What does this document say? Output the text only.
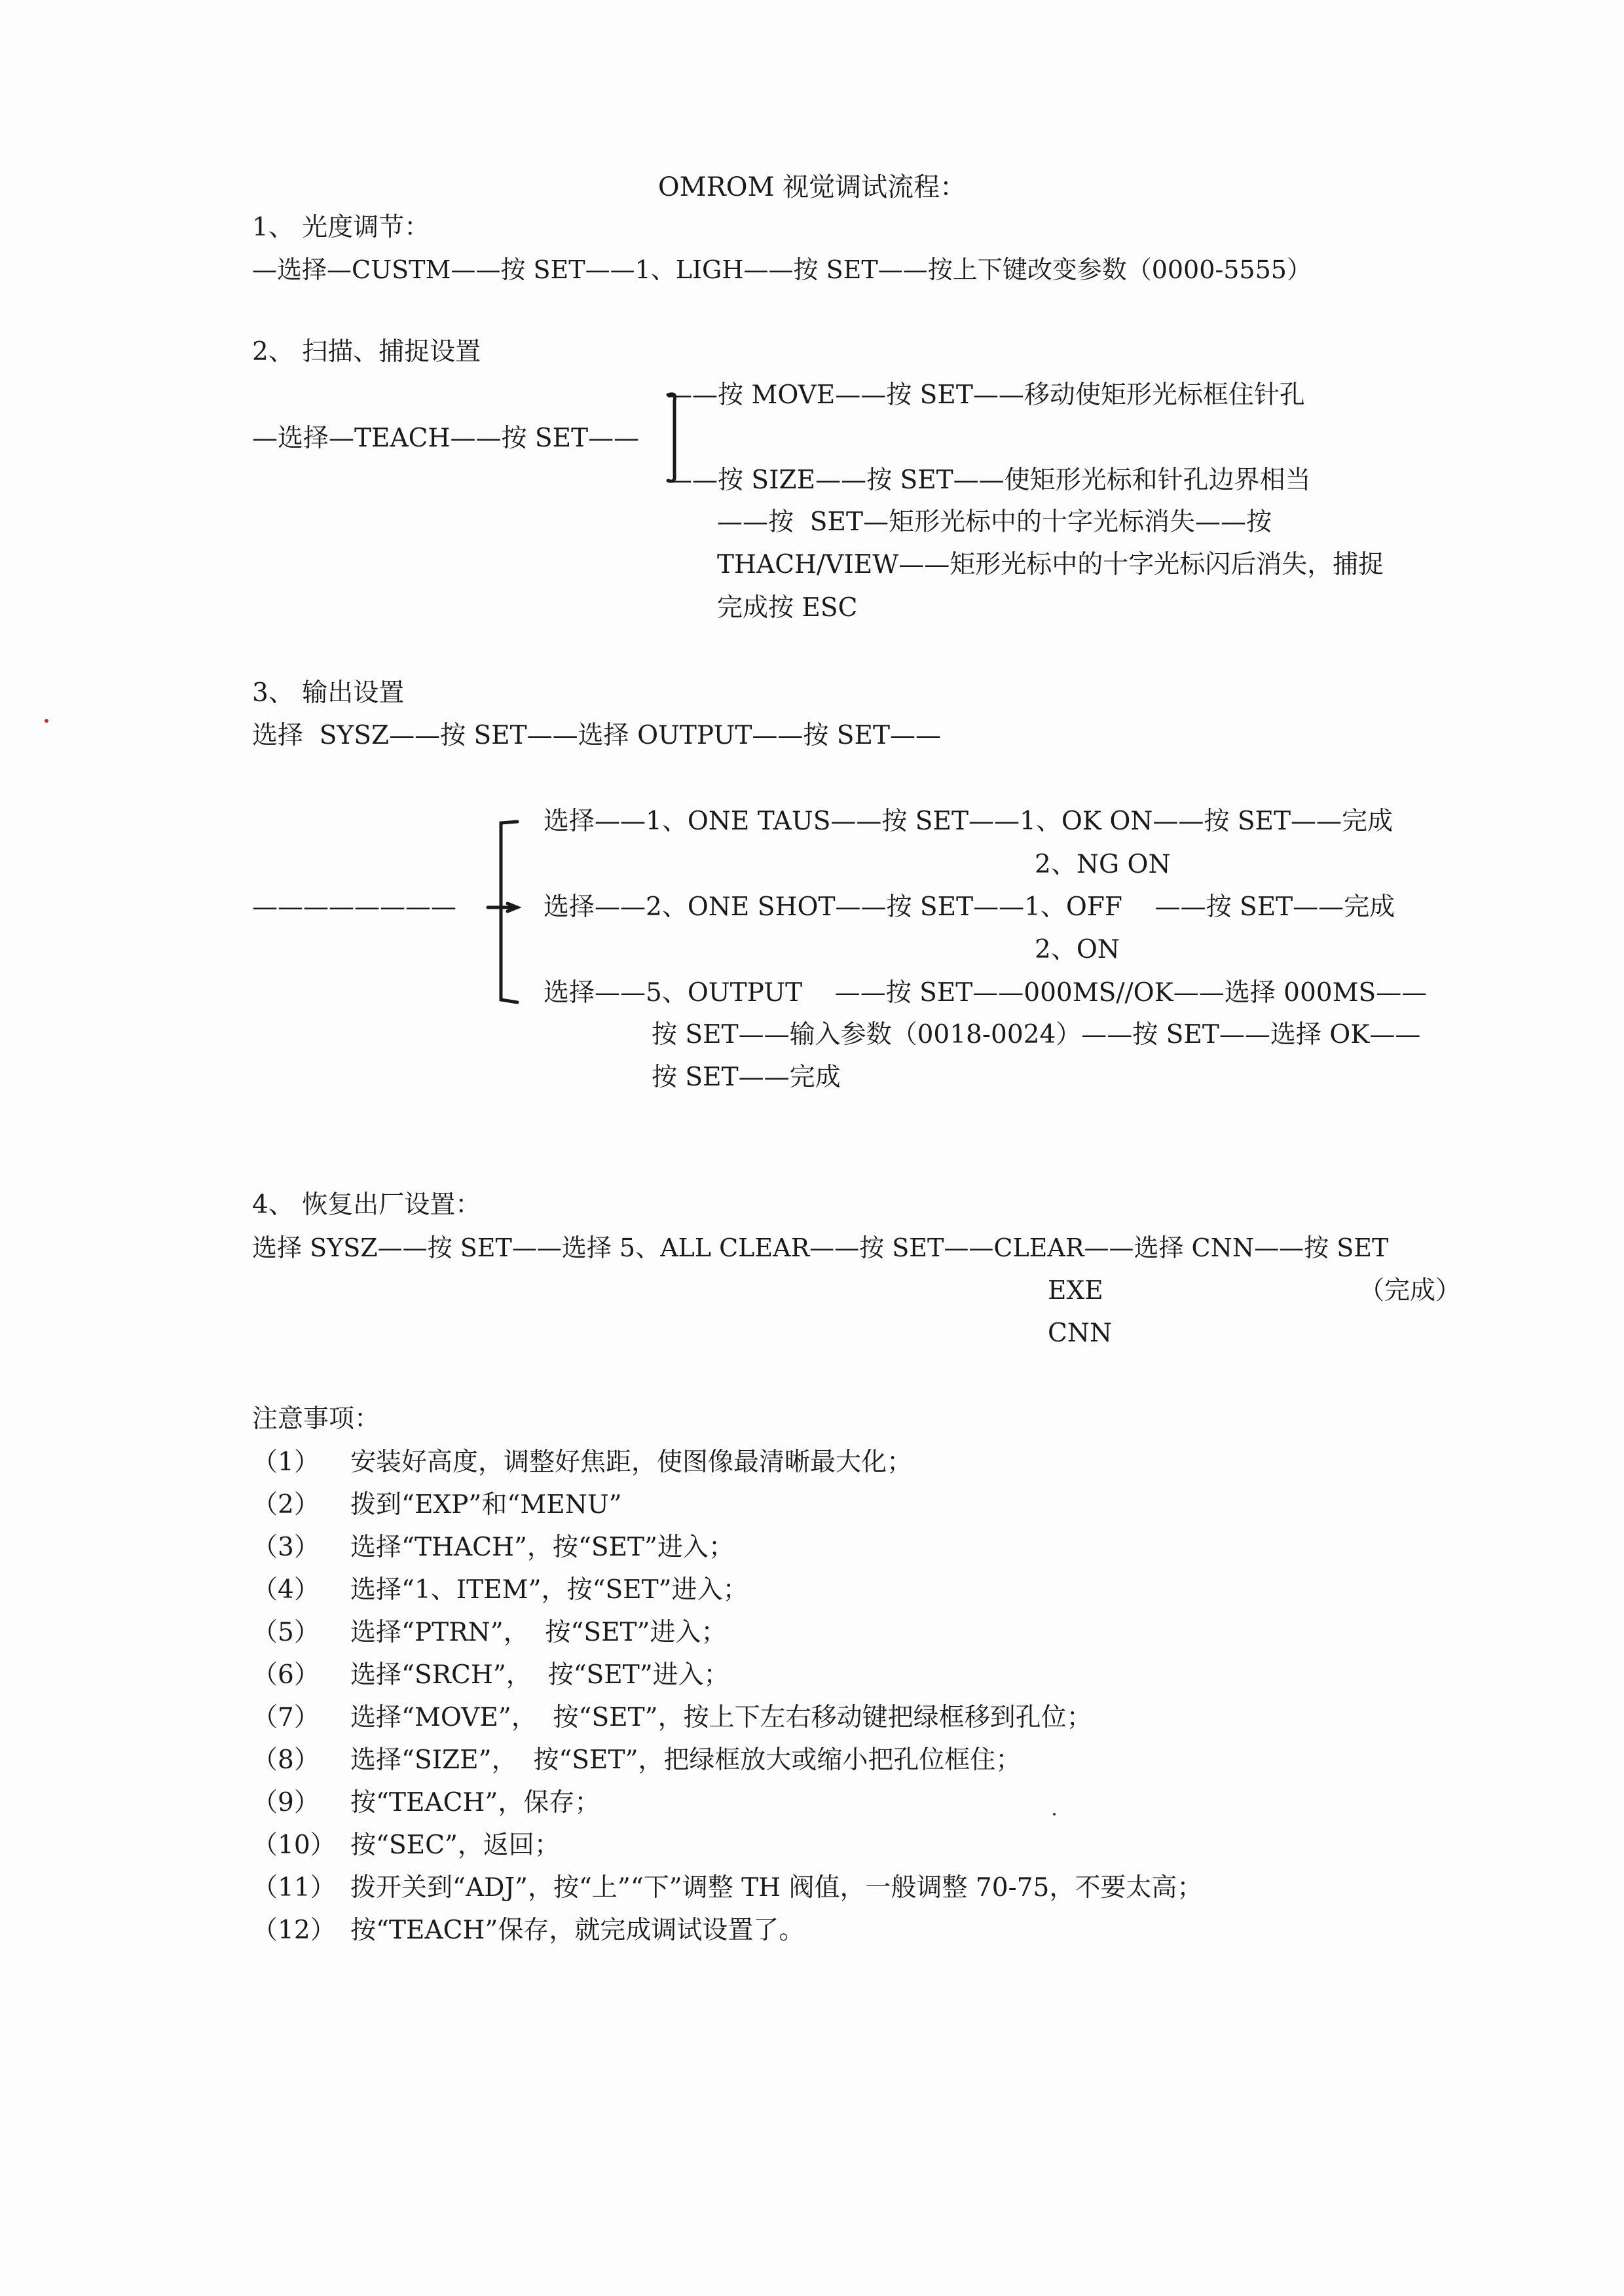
OMROM 视觉调试流程：
1、 光度调节：
—选择—CUSTM——按 SET——1、LIGH——按 SET——按上下键改变参数（0000-5555）
2、 扫描、捕捉设置
—选择—TEACH——按 SET——
——按 MOVE——按 SET——移动使矩形光标框住针孔
——按 SIZE——按 SET——使矩形光标和针孔边界相当
——按  SET—矩形光标中的十字光标消失——按
THACH/VIEW——矩形光标中的十字光标闪后消失，捕捉
完成按 ESC
3、 输出设置
选择  SYSZ——按 SET——选择 OUTPUT——按 SET——
————————
选择——1、ONE TAUS——按 SET——1、OK ON——按 SET——完成
2、NG ON
选择——2、ONE SHOT——按 SET——1、OFF    ——按 SET——完成
2、ON
选择——5、OUTPUT    ——按 SET——000MS//OK——选择 000MS——
按 SET——输入参数（0018-0024）——按 SET——选择 OK——
按 SET——完成
4、 恢复出厂设置：
选择 SYSZ——按 SET——选择 5、ALL CLEAR——按 SET——CLEAR——选择 CNN——按 SET
EXE	（完成）
CNN
注意事项：
（1） 安装好高度，调整好焦距，使图像最清晰最大化；
（2） 拨到“EXP”和“MENU”
（3） 选择“THACH”，按“SET”进入；
（4） 选择“1、ITEM”，按“SET”进入；
（5） 选择“PTRN”，  按“SET”进入；
（6） 选择“SRCH”，  按“SET”进入；
（7） 选择“MOVE”，  按“SET”，按上下左右移动键把绿框移到孔位；
（8） 选择“SIZE”，  按“SET”，把绿框放大或缩小把孔位框住；
（9） 按“TEACH”，保存；
（10） 按“SEC”，返回；
（11） 拨开关到“ADJ”，按“上”“下”调整 TH 阀值，一般调整 70-75，不要太高；
（12） 按“TEACH”保存，就完成调试设置了。
